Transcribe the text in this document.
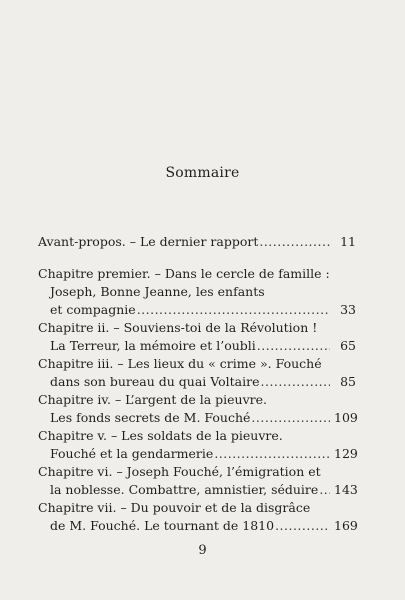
Sommaire
Avant-propos. – Le dernier rapport .....	11
Chapitre premier. – Dans le cercle de famille :
Joseph, Bonne Jeanne, les enfants
et compagnie .....	33
Chapitre ii. – Souviens-toi de la Révolution !
La Terreur, la mémoire et l’oubli .....	65
Chapitre iii. – Les lieux du « crime ». Fouché
dans son bureau du quai Voltaire .....	85
Chapitre iv. – L’argent de la pieuvre.
Les fonds secrets de M. Fouché .....	109
Chapitre v. – Les soldats de la pieuvre.
Fouché et la gendarmerie .....	129
Chapitre vi. – Joseph Fouché, l’émigration et
la noblesse. Combattre, amnistier, séduire ..... 143
Chapitre vii. – Du pouvoir et de la disgrâce
de M. Fouché. Le tournant de 1810 .....	169
9
